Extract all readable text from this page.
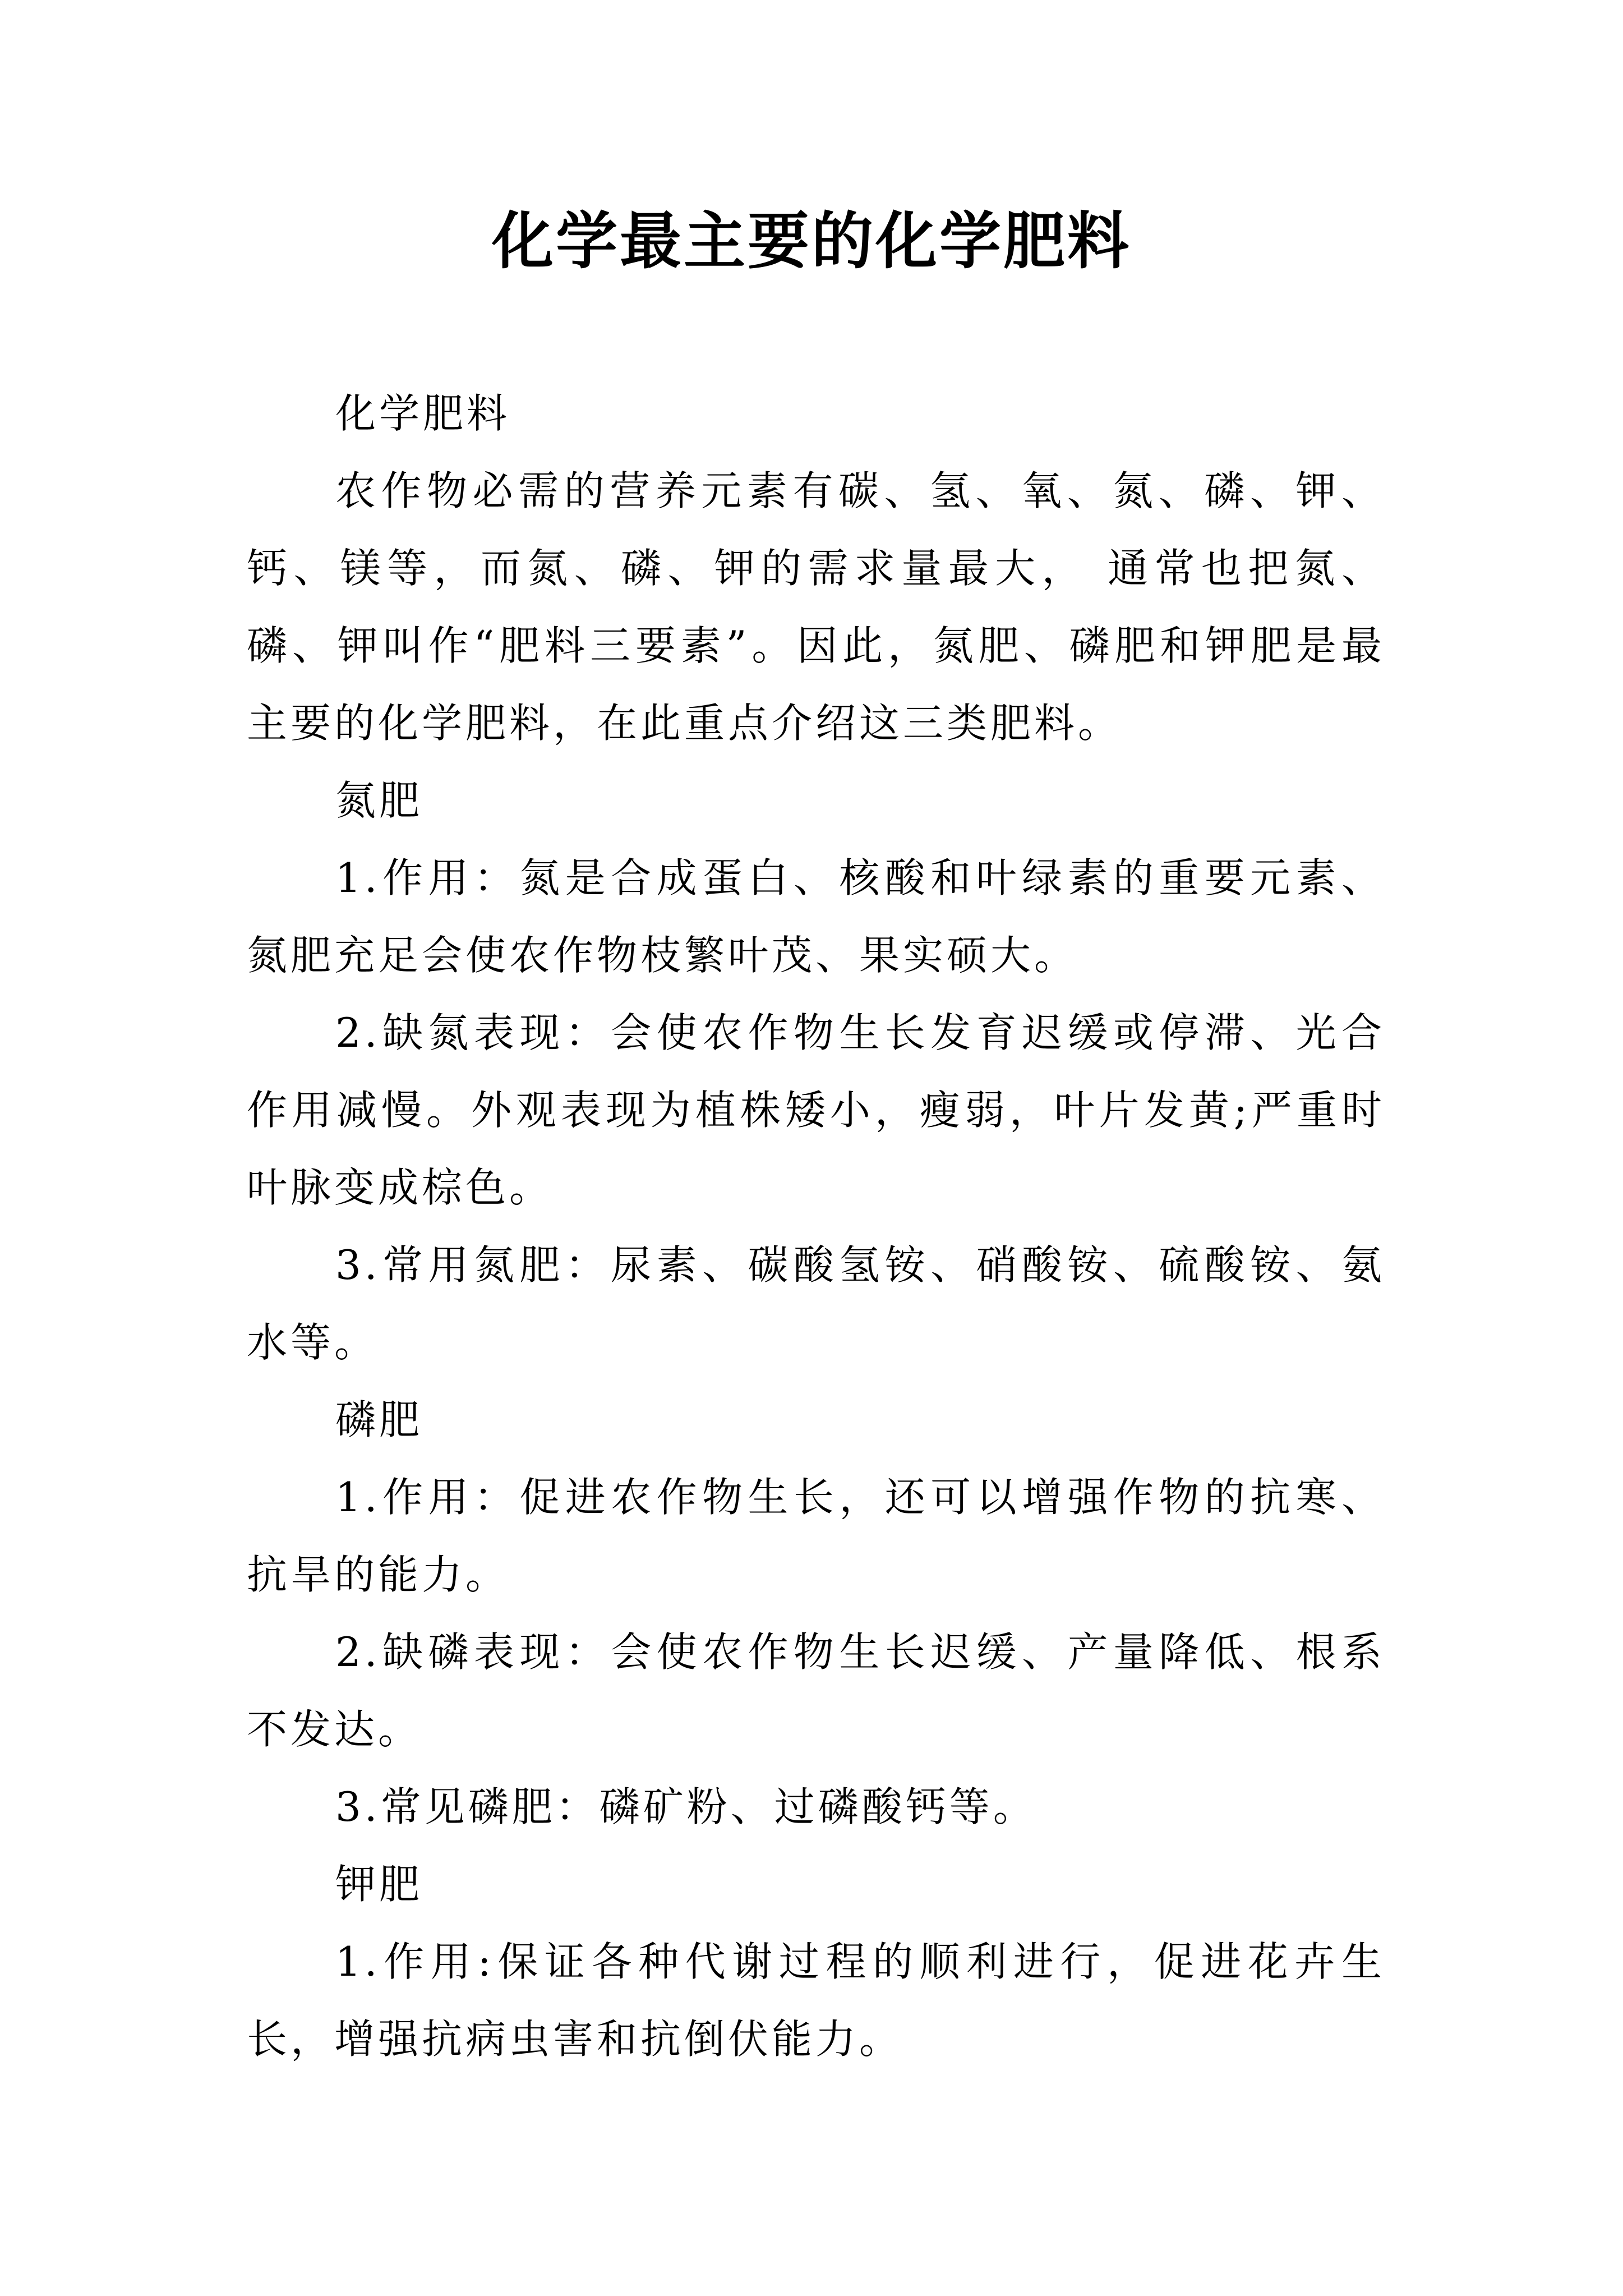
化学最主要的化学肥料

化学肥料

农作物必需的营养元素有碳、氢、氧、氮、磷、钾、钙、镁等，而氮、磷、钾的需求量最大， 通常也把氮、磷、钾叫作“肥料三要素”。因此，氮肥、磷肥和钾肥是最主要的化学肥料，在此重点介绍这三类肥料。

氮肥

1.作用：氮是合成蛋白、核酸和叶绿素的重要元素、氮肥充足会使农作物枝繁叶茂、果实硕大。

2.缺氮表现：会使农作物生长发育迟缓或停滞、光合作用减慢。外观表现为植株矮小，瘦弱，叶片发黄;严重时叶脉变成棕色。

3.常用氮肥：尿素、碳酸氢铵、硝酸铵、硫酸铵、氨水等。

磷肥

1.作用：促进农作物生长，还可以增强作物的抗寒、抗旱的能力。

2.缺磷表现：会使农作物生长迟缓、产量降低、根系不发达。

3.常见磷肥：磷矿粉、过磷酸钙等。

钾肥

1.作用:保证各种代谢过程的顺利进行，促进花卉生长，增强抗病虫害和抗倒伏能力。
